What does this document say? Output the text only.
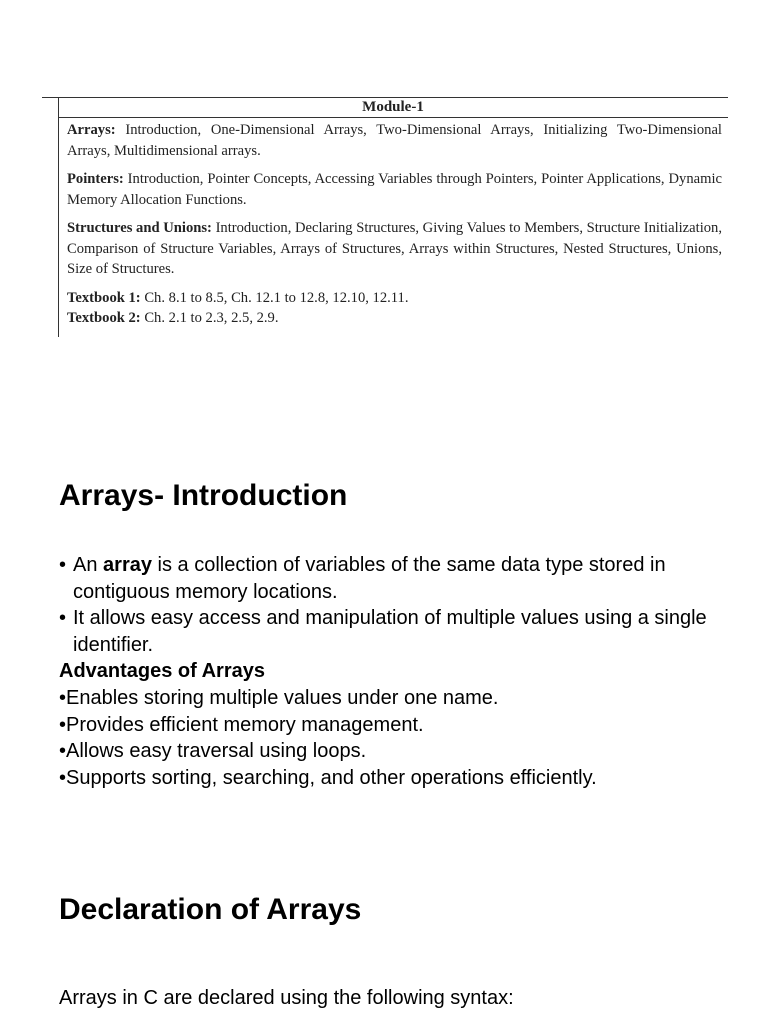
Module-1

Arrays: Introduction, One-Dimensional Arrays, Two-Dimensional Arrays, Initializing Two-Dimensional Arrays, Multidimensional arrays.

Pointers: Introduction, Pointer Concepts, Accessing Variables through Pointers, Pointer Applications, Dynamic Memory Allocation Functions.

Structures and Unions: Introduction, Declaring Structures, Giving Values to Members, Structure Initialization, Comparison of Structure Variables, Arrays of Structures, Arrays within Structures, Nested Structures, Unions, Size of Structures.

Textbook 1: Ch. 8.1 to 8.5, Ch. 12.1 to 12.8, 12.10, 12.11.

Textbook 2: Ch. 2.1 to 2.3, 2.5, 2.9.

Arrays- Introduction
• An array is a collection of variables of the same data type stored in contiguous memory locations.
• It allows easy access and manipulation of multiple values using a single identifier.
Advantages of Arrays
•Enables storing multiple values under one name.
•Provides efficient memory management.
•Allows easy traversal using loops.
•Supports sorting, searching, and other operations efficiently.
Declaration of Arrays
Arrays in C are declared using the following syntax:
